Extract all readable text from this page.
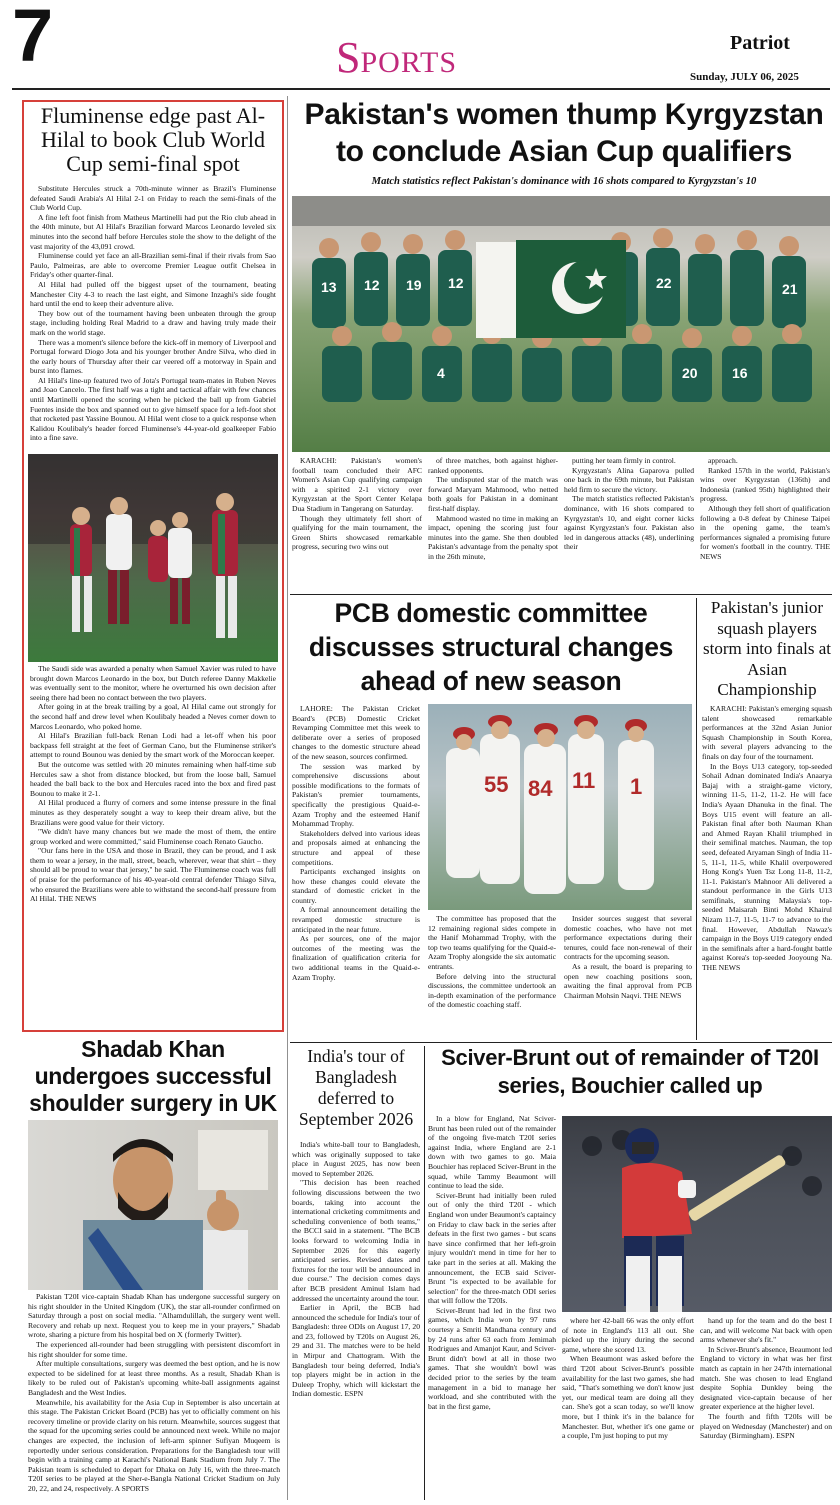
7	SPORTS
Patriot
Sunday, JULY 06, 2025
Fluminense edge past Al-Hilal to book Club World Cup semi-final spot

Substitute Hercules struck a 70th-minute winner as Brazil's Fluminense defeated Saudi Arabia's Al Hilal 2-1 on Friday to reach the semi-finals of the Club World Cup.

A fine left foot finish from Matheus Martinelli had put the Rio club ahead in the 40th minute, but Al Hilal's Brazilian forward Marcos Leonardo leveled six minutes into the second half before Hercules stole the show to the delight of the vast majority of the 43,091 crowd.

Fluminense could yet face an all-Brazilian semi-final if their rivals from Sao Paulo, Palmeiras, are able to overcome Premier League outfit Chelsea in Friday's other quarter-final.

Al Hilal had pulled off the biggest upset of the tournament, beating Manchester City 4-3 to reach the last eight, and Simone Inzaghi's side fought hard until the end to keep their adventure alive.

They bow out of the tournament having been unbeaten through the group stage, including holding Real Madrid to a draw and having truly made their mark on the world stage.

There was a moment's silence before the kick-off in memory of Liverpool and Portugal forward Diogo Jota and his younger brother Andre Silva, who died in the early hours of Thursday after their car veered off a motorway in Spain and burst into flames.

Al Hilal's line-up featured two of Jota's Portugal team-mates in Ruben Neves and Joao Cancelo. The first half was a tight and tactical affair with few chances until Martinelli opened the scoring when he picked the ball up from Gabriel Fuentes inside the box and spanned out to give himself space for a left-foot shot that rocketed past Yassine Bounou. Al Hilal went close to a quick response when Kalidou Koulibaly's header forced Fluminense's 44-year-old goalkeeper Fabio into a fine save.

The Saudi side was awarded a penalty when Samuel Xavier was ruled to have brought down Marcos Leonardo in the box, but Dutch referee Danny Makkelie was eventually sent to the monitor, where he overturned his own decision after seeing there had been no contact between the two players.

After going in at the break trailing by a goal, Al Hilal came out strongly for the second half and drew level when Koulibaly headed a Neves corner down to Marcos Leonardo, who poked home.

Al Hilal's Brazilian full-back Renan Lodi had a let-off when his poor backpass fell straight at the feet of German Cano, but the Fluminense striker's attempt to round Bounou was denied by the smart work of the Moroccan keeper.

But the outcome was settled with 20 minutes remaining when half-time sub Hercules saw a shot from distance blocked, but from the loose ball, Samuel headed the ball back to the box and Hercules raced into the box and fired past Bounou to make it 2-1.

Al Hilal produced a flurry of corners and some intense pressure in the final minutes as they desperately sought a way to keep their dream alive, but the Brazilians were good value for their victory.

"We didn't have many chances but we made the most of them, the entire group worked and were committed," said Fluminense coach Renato Gaucho.

"Our fans here in the USA and those in Brazil, they can be proud, and I ask them to wear a jersey, in the mall, street, beach, wherever, wear that shirt – they should all be proud to wear that jersey," he said. The Fluminense coach was full of praise for the performance of his 40-year-old central defender Thiago Silva, who ensured the Brazilians were able to withstand the second-half pressure from Al Hilal. THE NEWS

Shadab Khan undergoes successful shoulder surgery in UK

Pakistan T20I vice-captain Shadab Khan has undergone successful surgery on his right shoulder in the United Kingdom (UK), the star all-rounder confirmed on Saturday through a post on social media. "Alhamdulillah, the surgery went well. Recovery and rehab up next. Request you to keep me in your prayers," Shadab wrote, sharing a picture from his hospital bed on X (formerly Twitter).

The experienced all-rounder had been struggling with persistent discomfort in his right shoulder for some time.

After multiple consultations, surgery was deemed the best option, and he is now expected to be sidelined for at least three months. As a result, Shadab Khan is likely to be ruled out of Pakistan's upcoming white-ball assignments against Bangladesh and the West Indies.

Meanwhile, his availability for the Asia Cup in September is also uncertain at this stage. The Pakistan Cricket Board (PCB) has yet to officially comment on his recovery timeline or provide clarity on his return. Meanwhile, sources suggest that the squad for the upcoming series could be announced next week. While no major changes are expected, the inclusion of left-arm spinner Sufiyan Muqeem is reportedly under serious consideration. Preparations for the Bangladesh tour will begin with a training camp at Karachi's National Bank Stadium from July 7. The Pakistan team is scheduled to depart for Dhaka on July 16, with the three-match T20I series to be played at the Sher-e-Bangla National Cricket Stadium on July 20, 22, and 24, respectively. A SPORTS

Pakistan's women thump Kyrgyzstan
to conclude Asian Cup qualifiers
Match statistics reflect Pakistan's dominance with 16 shots compared to Kyrgyzstan's 10
13 12 19 12	22	21
20
4	16

KARACHI: Pakistan's women's football team concluded their AFC Women's Asian Cup qualifying campaign with a spirited 2-1 victory over Kyrgyzstan at the Sport Center Kelapa Dua Stadium in Tangerang on Saturday.

Though they ultimately fell short of qualifying for the main tournament, the Green Shirts showcased remarkable progress, securing two wins out

of three matches, both against higher-ranked opponents.

The undisputed star of the match was forward Maryam Mahmood, who netted both goals for Pakistan in a dominant first-half display.

Mahmood wasted no time in making an impact, opening the scoring just four minutes into the game. She then doubled Pakistan's advantage from the penalty spot in the 26th minute,

putting her team firmly in control.

Kyrgyzstan's Alina Gaparova pulled one back in the 69th minute, but Pakistan held firm to secure the victory.

The match statistics reflected Pakistan's dominance, with 16 shots compared to Kyrgyzstan's 10, and eight corner kicks against Kyrgyzstan's four. Pakistan also led in dangerous attacks (48), underlining their

approach.

Ranked 157th in the world, Pakistan's wins over Kyrgyzstan (136th) and Indonesia (ranked 95th) highlighted their progress.

Although they fell short of qualification following a 0-8 defeat by Chinese Taipei in the opening game, the team's performances signaled a promising future for women's football in the country. THE NEWS

PCB domestic committee discusses structural changes ahead of new season

LAHORE: The Pakistan Cricket Board's (PCB) Domestic Cricket Revamping Committee met this week to deliberate over a series of proposed changes to the domestic structure ahead of the new season, sources confirmed.

The session was marked by comprehensive discussions about possible modifications to the formats of Pakistan's premier tournaments, specifically the prestigious Quaid-e-Azam Trophy and the esteemed Hanif Mohammad Trophy.

Stakeholders delved into various ideas and proposals aimed at enhancing the structure and appeal of these competitions.

Participants exchanged insights on how these changes could elevate the standard of domestic cricket in the country.

A formal announcement detailing the revamped domestic structure is anticipated in the near future.

As per sources, one of the major outcomes of the meeting was the finalization of qualification criteria for two additional teams in the Quaid-e-Azam Trophy.

55 84 11 1

The committee has proposed that the 12 remaining regional sides compete in the Hanif Mohammad Trophy, with the top two teams qualifying for the Quaid-e-Azam Trophy alongside the six automatic entrants.

Before delving into the structural discussions, the committee undertook an in-depth examination of the performance of the domestic coaching staff.

Insider sources suggest that several domestic coaches, who have not met performance expectations during their tenures, could face non-renewal of their contracts for the upcoming season.

As a result, the board is preparing to open new coaching positions soon, awaiting the final approval from PCB Chairman Mohsin Naqvi. THE NEWS

Pakistan's junior squash players storm into finals at Asian Championship

KARACHI: Pakistan's emerging squash talent showcased remarkable performances at the 32nd Asian Junior Squash Championship in South Korea, with several players advancing to the finals on day four of the tournament.

In the Boys U13 category, top-seeded Sohail Adnan dominated India's Anaarya Bajaj with a straight-game victory, winning 11-5, 11-2, 11-2. He will face India's Ayaan Dhanuka in the final. The Boys U15 event will feature an all-Pakistan final after both Nauman Khan and Ahmed Rayan Khalil triumphed in their semifinal matches. Nauman, the top seed, defeated Aryaman Singh of India 11-5, 11-1, 11-5, while Khalil overpowered Hong Kong's Yuen Tsz Long 11-8, 11-2, 11-1. Pakistan's Mahnoor Ali delivered a standout performance in the Girls U13 semifinals, stunning Malaysia's top-seeded Maisarah Binti Mohd Khairul Nizam 11-7, 11-5, 11-7 to advance to the final. However, Abdullah Nawaz's campaign in the Boys U19 category ended in the semifinals after a hard-fought battle against Korea's top-seeded Jooyoung Na. THE NEWS

India's tour of Bangladesh deferred to September 2026

India's white-ball tour to Bangladesh, which was originally supposed to take place in August 2025, has now been moved to September 2026.

"This decision has been reached following discussions between the two boards, taking into account the international cricketing commitments and scheduling convenience of both teams," the BCCI said in a statement. "The BCB looks forward to welcoming India in September 2026 for this eagerly anticipated series. Revised dates and fixtures for the tour will be announced in due course." The decision comes days after BCB president Aminul Islam had addressed the uncertainty around the tour.

Earlier in April, the BCB had announced the schedule for India's tour of Bangladesh: three ODIs on August 17, 20 and 23, followed by T20Is on August 26, 29 and 31. The matches were to be held in Mirpur and Chattogram. With the Bangladesh tour being deferred, India's top players might be in action in the Duleep Trophy, which will kickstart the Indian domestic. ESPN

Sciver-Brunt out of remainder of T20I series, Bouchier called up

In a blow for England, Nat Sciver-Brunt has been ruled out of the remainder of the ongoing five-match T20I series against India, where England are 2-1 down with two games to go. Maia Bouchier has replaced Sciver-Brunt in the squad, while Tammy Beaumont will continue to lead the side.

Sciver-Brunt had initially been ruled out of only the third T20I - which England won under Beaumont's captaincy on Friday to claw back in the series after defeats in the first two games - but scans have since confirmed that her left-groin injury wouldn't mend in time for her to take part in the series at all. Making the announcement, the ECB said Sciver-Brunt "is expected to be available for selection" for the three-match ODI series that will follow the T20Is.

Sciver-Brunt had led in the first two games, which India won by 97 runs courtesy a Smriti Mandhana century and by 24 runs after 63 each from Jemimah Rodrigues and Amanjot Kaur, and Sciver-Brunt didn't bowl at all in those two games. That she wouldn't bowl was decided prior to the series by the team management in a bid to manage her workload, and she contributed with the bat in the first game,

where her 42-ball 66 was the only effort of note in England's 113 all out. She picked up the injury during the second game, where she scored 13.

When Beaumont was asked before the third T20I about Sciver-Brunt's possible availability for the last two games, she had said, "That's something we don't know just yet, our medical team are doing all they can. She's got a scan today, so we'll know more, but I think it's in the balance for Manchester. But, whether it's one game or a couple, I'm just hoping to put my

hand up for the team and do the best I can, and will welcome Nat back with open arms whenever she's fit."

In Sciver-Brunt's absence, Beaumont led England to victory in what was her first match as captain in her 247th international match. She was chosen to lead England despite Sophia Dunkley being the designated vice-captain because of her greater experience at the higher level.

The fourth and fifth T20Is will be played on Wednesday (Manchester) and on Saturday (Birmingham). ESPN
